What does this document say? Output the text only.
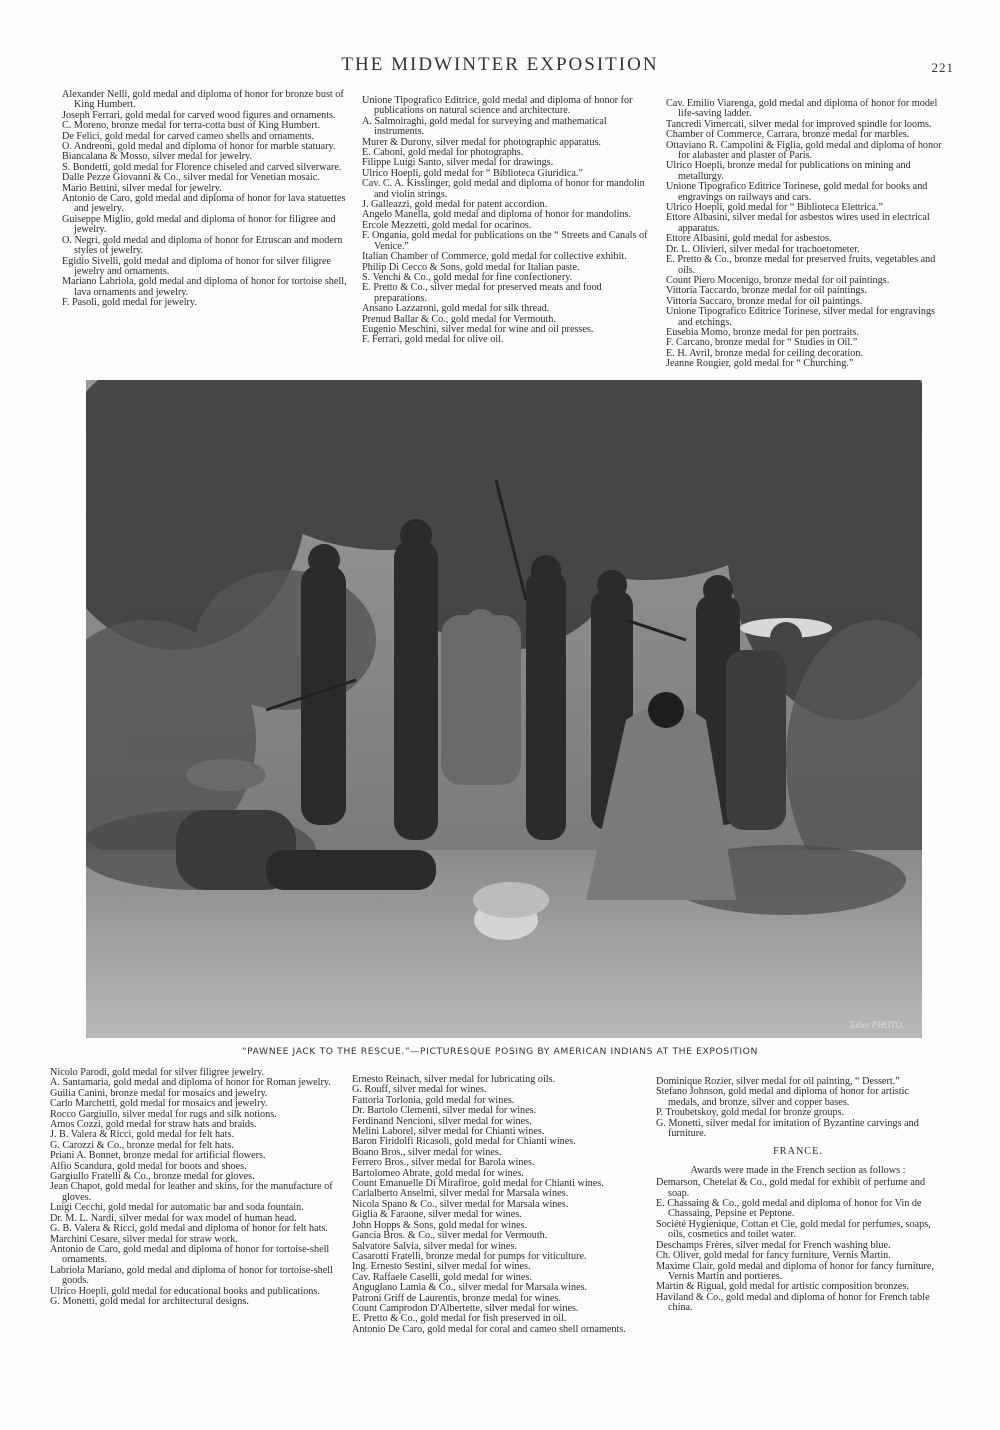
THE MIDWINTER EXPOSITION	221

Alexander Nelli, gold medal and diploma of honor for bronze bust of King Humbert.

Joseph Ferrari, gold medal for carved wood figures and ornaments.

C. Moreno, bronze medal for terra-cotta bust of King Humbert.

De Felici, gold medal for carved cameo shells and ornaments.

O. Andreoni, gold medal and diploma of honor for marble statuary.

Biancalana & Mosso, silver medal for jewelry.

S. Bondetti, gold medal for Florence chiseled and carved silverware.

Dalle Pezze Giovanni & Co., silver medal for Venetian mosaic.

Mario Bettini, silver medal for jewelry.

Antonio de Caro, gold medal and diploma of honor for lava statuettes and jewelry.

Guiseppe Miglio, gold medal and diploma of honor for filigree and jewelry.

O. Negri, gold medal and diploma of honor for Etruscan and modern styles of jewelry.

Egidio Sivelli, gold medal and diploma of honor for silver filigree jewelry and ornaments.

Mariano Labriola, gold medal and diploma of honor for tortoise shell, lava ornaments and jewelry.

F. Pasoli, gold medal for jewelry.

Unione Tipografico Editrice, gold medal and diploma of honor for publications on natural science and architecture.

A. Salmoiraghi, gold medal for surveying and mathematical instruments.

Murer & Durony, silver medal for photographic apparatus.

E. Caboni, gold medal for photographs.

Filippe Luigi Santo, silver medal for drawings.

Ulrico Hoepli, gold medal for “ Biblioteca Giuridica.”

Cav. C. A. Kisslinger, gold medal and diploma of honor for mandolin and violin strings.

J. Galleazzi, gold medal for patent accordion.

Angelo Manella, gold medal and diploma of honor for mandolins.

Ercole Mezzetti, gold medal for ocarinos.

F. Ongania, gold medal for publications on the “ Streets and Canals of Venice.”

Italian Chamber of Commerce, gold medal for collective exhibit.

Philip Di Cecco & Sons, gold medal for Italian paste.

S. Venchi & Co., gold medal for fine confectionery.

E. Pretto & Co., silver medal for preserved meats and food preparations.

Ansano Lazzaroni, gold medal for silk thread.

Prenud Ballar & Co., gold medal for Vermouth.

Eugenio Meschini, silver medal for wine and oil presses.

F. Ferrari, gold medal for olive oil.

Cav. Emilio Viarenga, gold medal and diploma of honor for model life-saving ladder.

Tancredi Vimercati, silver medal for improved spindle for looms.

Chamber of Commerce, Carrara, bronze medal for marbles.

Ottaviano R. Campolini & Figlia, gold medal and diploma of honor for alabaster and plaster of Paris.

Ulrico Hoepli, bronze medal for publications on mining and metallurgy.

Unione Tipografico Editrice Torinese, gold medal for books and engravings on railways and cars.

Ulrico Hoepli, gold medal for “ Biblioteca Elettrica.”

Ettore Albasini, silver medal for asbestos wires used in electrical apparatus.

Ettore Albasini, gold medal for asbestos.

Dr. L. Olivieri, silver medal for trachoetometer.

E. Pretto & Co., bronze medal for preserved fruits, vegetables and oils.

Count Piero Mocenigo, bronze medal for oil paintings.

Vittoria Taccardo, bronze medal for oil paintings.

Vittoria Saccaro, bronze medal for oil paintings.

Unione Tipografico Editrice Torinese, silver medal for engravings and etchings.

Eusebia Momo, bronze medal for pen portraits.

F. Carcano, bronze medal for “ Studies in Oil.”

E. H. Avril, bronze medal for ceiling decoration.

Jeanne Rougier, gold medal for “ Churching.”

Taber PHOTO.
“PAWNEE JACK TO THE RESCUE.”—PICTURESQUE POSING BY AMERICAN INDIANS AT THE EXPOSITION

Nicolo Parodi, gold medal for silver filigree jewelry.

A. Santamaria, gold medal and diploma of honor for Roman jewelry.

Guilia Canini, bronze medal for mosaics and jewelry.

Carlo Marchetti, gold medal for mosaics and jewelry.

Rocco Gargiullo, silver medal for rugs and silk notions.

Amos Cozzi, gold medal for straw hats and braids.

J. B. Valera & Ricci, gold medal for felt hats.

G. Carozzi & Co., bronze medal for felt hats.

Priani A. Bonnet, bronze medal for artificial flowers.

Alfio Scandura, gold medal for boots and shoes.

Gargiullo Fratelli & Co., bronze medal for gloves.

Jean Chapot, gold medal for leather and skins, for the manufacture of gloves.

Luigi Cecchi, gold medal for automatic bar and soda fountain.

Dr. M. L. Nardi, silver medal for wax model of human head.

G. B. Valera & Ricci, gold medal and diploma of honor for felt hats.

Marchini Cesare, silver medal for straw work.

Antonio de Caro, gold medal and diploma of honor for tortoise-shell ornaments.

Labriola Mariano, gold medal and diploma of honor for tortoise-shell goods.

Ulrico Hoepli, gold medal for educational books and publications.

G. Monetti, gold medal for architectural designs.

Ernesto Reinach, silver medal for lubricating oils.

G. Rouff, silver medal for wines.

Fattoria Torlonia, gold medal for wines.

Dr. Bartolo Clementi, silver medal for wines.

Ferdinand Nencioni, silver medal for wines.

Melini Laborel, silver medal for Chianti wines.

Baron Firidolfi Ricasoli, gold medal for Chianti wines.

Boano Bros., silver medal for wines.

Ferrero Bros., silver medal for Barola wines.

Bartolomeo Abrate, gold medal for wines.

Count Emanuelle Di Mirafiroe, gold medal for Chianti wines.

Carlalberto Anselmi, silver medal for Marsala wines.

Nicola Spano & Co., silver medal for Marsala wines.

Giglia & Faraone, silver medal for wines.

John Hopps & Sons, gold medal for wines.

Gancia Bros. & Co., silver medal for Vermouth.

Salvatore Salvia, silver medal for wines.

Casarotti Fratelli, bronze medal for pumps for viticulture.

Ing. Ernesto Sestini, silver medal for wines.

Cav. Raffaele Caselli, gold medal for wines.

Anguglano Lamia & Co., silver medal for Marsala wines.

Patroni Griff de Laurentis, bronze medal for wines.

Count Camprodon D'Albertette, silver medal for wines.

E. Pretto & Co., gold medal for fish preserved in oil.

Antonio De Caro, gold medal for coral and cameo shell ornaments.

Dominique Rozier, silver medal for oil painting, “ Dessert.”

Stefano Johnson, gold medal and diploma of honor for artistic medals, and bronze, silver and copper bases.

P. Troubetskoy, gold medal for bronze groups.

G. Monetti, silver medal for imitation of Byzantine carvings and furniture.

FRANCE.

Awards were made in the French section as follows :

Demarson, Chetelat & Co., gold medal for exhibit of perfume and soap.

E. Chassaing & Co., gold medal and diploma of honor for Vin de Chassaing, Pepsine et Peptone.

Société Hygienique, Cottan et Cie, gold medal for perfumes, soaps, oils, cosmetics and toilet water.

Deschamps Frères, silver medal for French washing blue.

Ch. Oliver, gold medal for fancy furniture, Vernis Martin.

Maxime Clair, gold medal and diploma of honor for fancy furniture, Vernis Martin and portieres.

Martin & Rigual, gold medal for artistic composition bronzes.

Haviland & Co., gold medal and diploma of honor for French table china.
